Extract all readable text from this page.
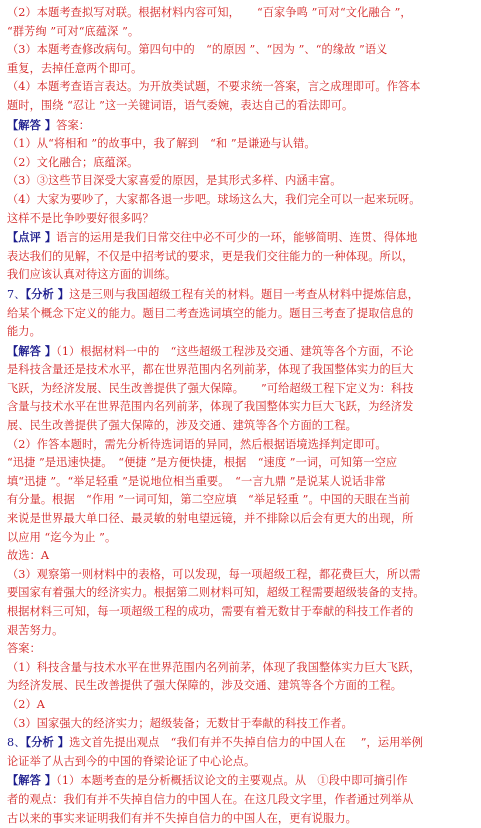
（2）本题考查拟写对联。根据材料内容可知，　　“百家争鸣 ”可对“文化融合 ”，
“群芳绚 ”可对“底蕴深 ”。
（3）本题考查修改病句。第四句中的　“的原因 ”、“因为 ”、“的缘故 ”语义
重复，去掉任意两个即可。
（4）本题考查语言表达。为开放类试题，不要求统一答案，言之成理即可。作答本
题时，围绕 “忍让 ”这一关键词语，语气委婉，表达自己的看法即可。
【解答 】答案：
（1）从“将相和 ”的故事中，我了解到　“和 ”是谦逊与认错。
（2）文化融合；底蕴深。
（3）③这些节目深受大家喜爱的原因，是其形式多样、内涵丰富。
（4）大家为要吵了，大家都各退一步吧。球场这么大，我们完全可以一起来玩呀。
这样不是比争吵要好很多吗？
【点评 】语言的运用是我们日常交往中必不可少的一环，能够简明、连贯、得体地
表达我们的见解，不仅是中招考试的要求，更是我们交往能力的一种体现。所以，
我们应该认真对待这方面的训练。
7、【分析 】这是三则与我国超级工程有关的材料。题目一考查从材料中提炼信息，
给某个概念下定义的能力。题目二考查选词填空的能力。题目三考查了提取信息的
能力。
【解答 】（1）根据材料一中的　“这些超级工程涉及交通、建筑等各个方面，不论
是科技含量还是技术水平，都在世界范围内名列前茅，体现了我国整体实力的巨大
飞跃，为经济发展、民生改善提供了强大保障。　　”可给超级工程下定义为：科技
含量与技术水平在世界范围内名列前茅，体现了我国整体实力巨大飞跃，为经济发
展、民生改善提供了强大保障的，涉及交通、建筑等各个方面的工程。
（2）作答本题时，需先分析待选词语的异同，然后根据语境选择判定即可。
“迅捷 ”是迅速快捷。　“便捷 ”是方便快捷，根据　“速度 ”一词，可知第一空应
填“迅捷 ”。“举足轻重 ”是说地位相当重要。　“一言九鼎 ”是说某人说话非常
有分量。根据　“作用 ”一词可知，第二空应填　“举足轻重 ”。中国的天眼在当前
来说是世界最大单口径、最灵敏的射电望远镜，并不排除以后会有更大的出现，所
以应用 “迄今为止 ”。
故选：A
（3）观察第一则材料中的表格，可以发现，每一项超级工程，都花费巨大，所以需
要国家有着强大的经济实力。根据第二则材料可知，超级工程需要超级装备的支持。
根据材料三可知，每一项超级工程的成功，需要有着无数甘于奉献的科技工作者的
艰苦努力。
答案：
（1）科技含量与技术水平在世界范围内名列前茅，体现了我国整体实力巨大飞跃，
为经济发展、民生改善提供了强大保障的，涉及交通、建筑等各个方面的工程。
（2）A
（3）国家强大的经济实力；超级装备；无数甘于奉献的科技工作者。
8、【分析 】选文首先提出观点　“我们有并不失掉自信力的中国人在　 ”，运用举例
论证举了从古到今的中国的脊梁论证了中心论点。
【解答 】（1）本题考查的是分析概括议论文的主要观点。从　①段中即可摘引作
者的观点：我们有并不失掉自信力的中国人在。在这几段文字里，作者通过列举从
古以来的事实来证明我们有并不失掉自信力的中国人在，更有说服力。
